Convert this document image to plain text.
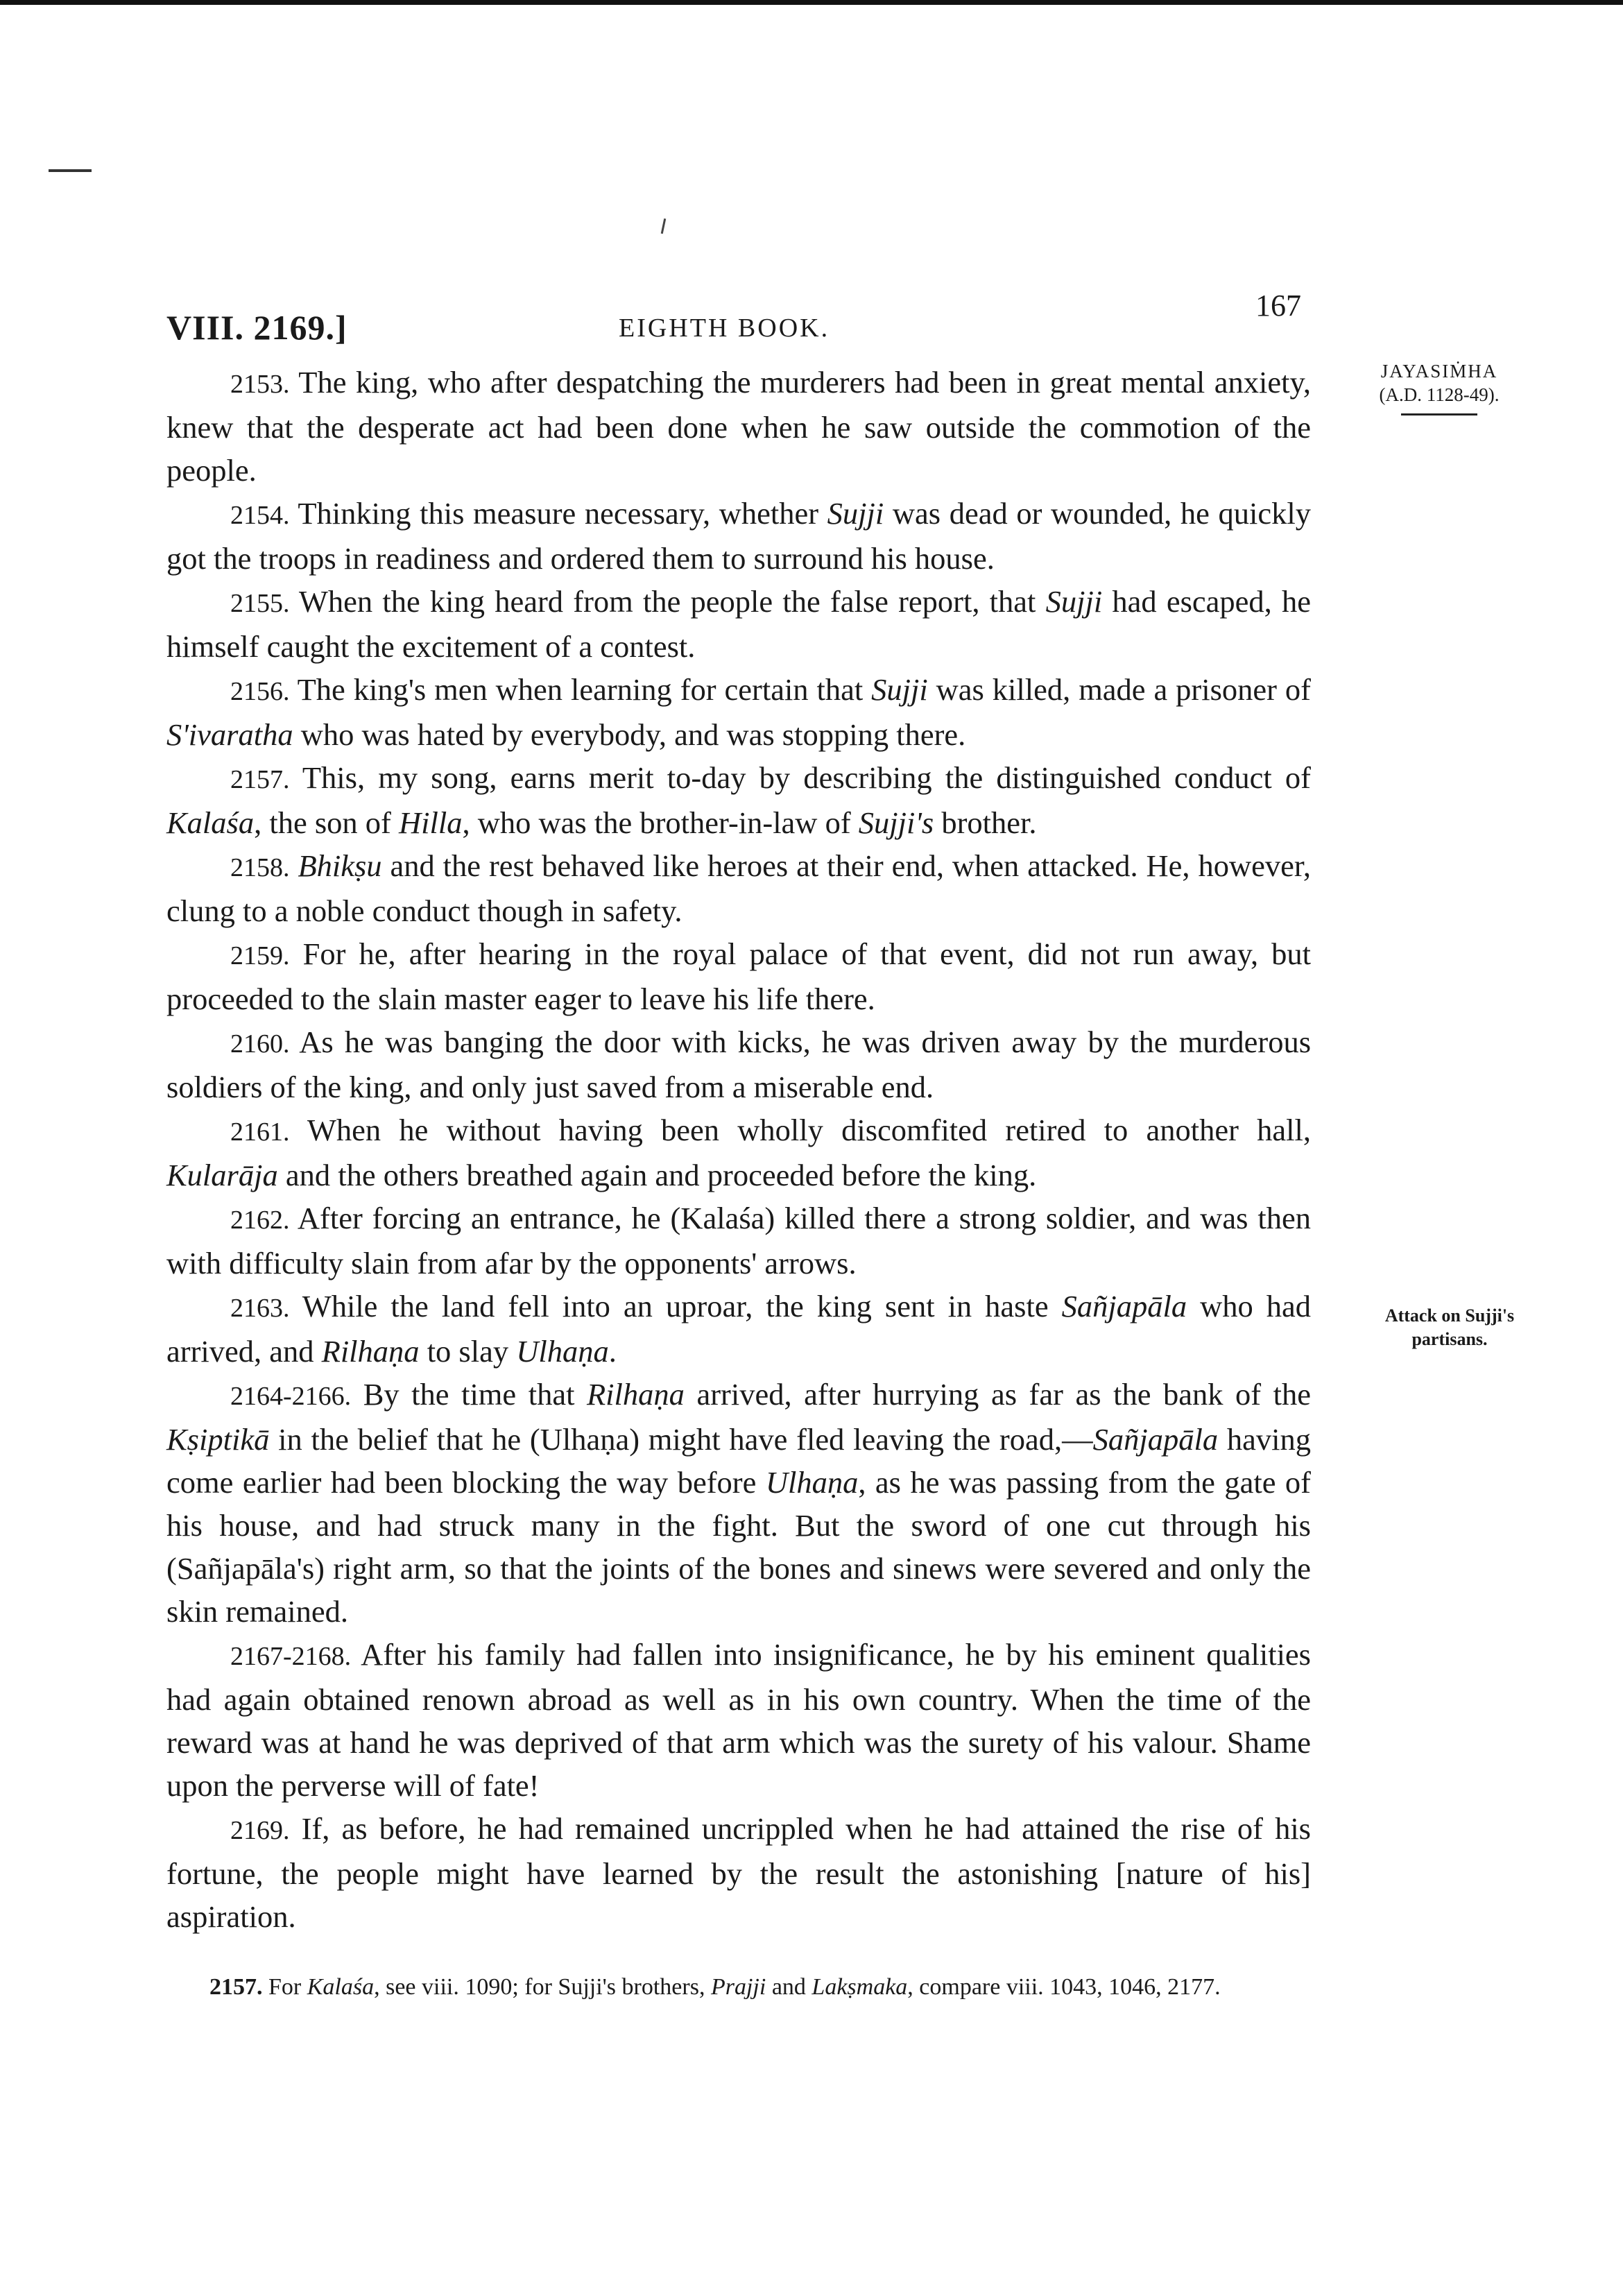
VIII. 2169.]	EIGHTH BOOK.
167
JAYASIṀHA
(A.D. 1128-49).
Attack on Sujji's
partisans.

2153. The king, who after despatching the murderers had been in great mental anxiety, knew that the desperate act had been done when he saw outside the commotion of the people.

2154. Thinking this measure necessary, whether Sujji was dead or wounded, he quickly got the troops in readiness and ordered them to surround his house.

2155. When the king heard from the people the false report, that Sujji had escaped, he himself caught the excitement of a contest.

2156. The king's men when learning for certain that Sujji was killed, made a prisoner of S'ivaratha who was hated by everybody, and was stopping there.

2157. This, my song, earns merit to-day by describing the distinguished conduct of Kalaśa, the son of Hilla, who was the brother-in-law of Sujji's brother.

2158. Bhikṣu and the rest behaved like heroes at their end, when attacked. He, however, clung to a noble conduct though in safety.

2159. For he, after hearing in the royal palace of that event, did not run away, but proceeded to the slain master eager to leave his life there.

2160. As he was banging the door with kicks, he was driven away by the murderous soldiers of the king, and only just saved from a miserable end.

2161. When he without having been wholly discomfited retired to another hall, Kularāja and the others breathed again and proceeded before the king.

2162. After forcing an entrance, he (Kalaśa) killed there a strong soldier, and was then with difficulty slain from afar by the opponents' arrows.

2163. While the land fell into an uproar, the king sent in haste Sañjapāla who had arrived, and Rilhaṇa to slay Ulhaṇa.

2164-2166. By the time that Rilhaṇa arrived, after hurrying as far as the bank of the Kṣiptikā in the belief that he (Ulhaṇa) might have fled leaving the road,—Sañjapāla having come earlier had been blocking the way before Ulhaṇa, as he was passing from the gate of his house, and had struck many in the fight. But the sword of one cut through his (Sañjapāla's) right arm, so that the joints of the bones and sinews were severed and only the skin remained.

2167-2168. After his family had fallen into insignificance, he by his eminent qualities had again obtained renown abroad as well as in his own country. When the time of the reward was at hand he was deprived of that arm which was the surety of his valour. Shame upon the perverse will of fate!

2169. If, as before, he had remained uncrippled when he had attained the rise of his fortune, the people might have learned by the result the astonishing [nature of his] aspiration.

2157. For Kalaśa, see viii. 1090; for Sujji's brothers, Prajji and Lakṣmaka, compare viii. 1043, 1046, 2177.
